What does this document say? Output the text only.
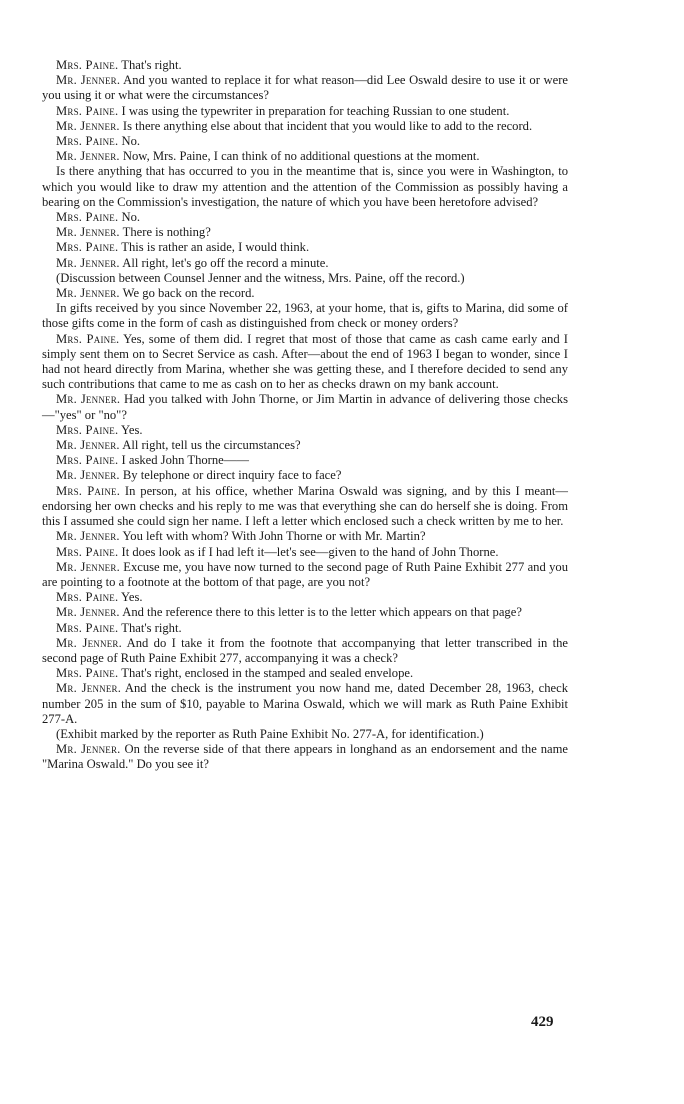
Mrs. Paine. That's right.

Mr. Jenner. And you wanted to replace it for what reason—did Lee Oswald desire to use it or were you using it or what were the circumstances?

Mrs. Paine. I was using the typewriter in preparation for teaching Russian to one student.

Mr. Jenner. Is there anything else about that incident that you would like to add to the record.

Mrs. Paine. No.

Mr. Jenner. Now, Mrs. Paine, I can think of no additional questions at the moment.

Is there anything that has occurred to you in the meantime that is, since you were in Washington, to which you would like to draw my attention and the attention of the Commission as possibly having a bearing on the Commission's investigation, the nature of which you have been heretofore advised?

Mrs. Paine. No.

Mr. Jenner. There is nothing?

Mrs. Paine. This is rather an aside, I would think.

Mr. Jenner. All right, let's go off the record a minute.

(Discussion between Counsel Jenner and the witness, Mrs. Paine, off the record.)

Mr. Jenner. We go back on the record.

In gifts received by you since November 22, 1963, at your home, that is, gifts to Marina, did some of those gifts come in the form of cash as distinguished from check or money orders?

Mrs. Paine. Yes, some of them did. I regret that most of those that came as cash came early and I simply sent them on to Secret Service as cash. After—about the end of 1963 I began to wonder, since I had not heard directly from Marina, whether she was getting these, and I therefore decided to send any such contributions that came to me as cash on to her as checks drawn on my bank account.

Mr. Jenner. Had you talked with John Thorne, or Jim Martin in advance of delivering those checks—"yes" or "no"?

Mrs. Paine. Yes.

Mr. Jenner. All right, tell us the circumstances?

Mrs. Paine. I asked John Thorne——

Mr. Jenner. By telephone or direct inquiry face to face?

Mrs. Paine. In person, at his office, whether Marina Oswald was signing, and by this I meant—endorsing her own checks and his reply to me was that everything she can do herself she is doing. From this I assumed she could sign her name. I left a letter which enclosed such a check written by me to her.

Mr. Jenner. You left with whom? With John Thorne or with Mr. Martin?

Mrs. Paine. It does look as if I had left it—let's see—given to the hand of John Thorne.

Mr. Jenner. Excuse me, you have now turned to the second page of Ruth Paine Exhibit 277 and you are pointing to a footnote at the bottom of that page, are you not?

Mrs. Paine. Yes.

Mr. Jenner. And the reference there to this letter is to the letter which appears on that page?

Mrs. Paine. That's right.

Mr. Jenner. And do I take it from the footnote that accompanying that letter transcribed in the second page of Ruth Paine Exhibit 277, accompanying it was a check?

Mrs. Paine. That's right, enclosed in the stamped and sealed envelope.

Mr. Jenner. And the check is the instrument you now hand me, dated December 28, 1963, check number 205 in the sum of $10, payable to Marina Oswald, which we will mark as Ruth Paine Exhibit 277-A.

(Exhibit marked by the reporter as Ruth Paine Exhibit No. 277-A, for identification.)

Mr. Jenner. On the reverse side of that there appears in longhand as an endorsement and the name "Marina Oswald." Do you see it?

429
